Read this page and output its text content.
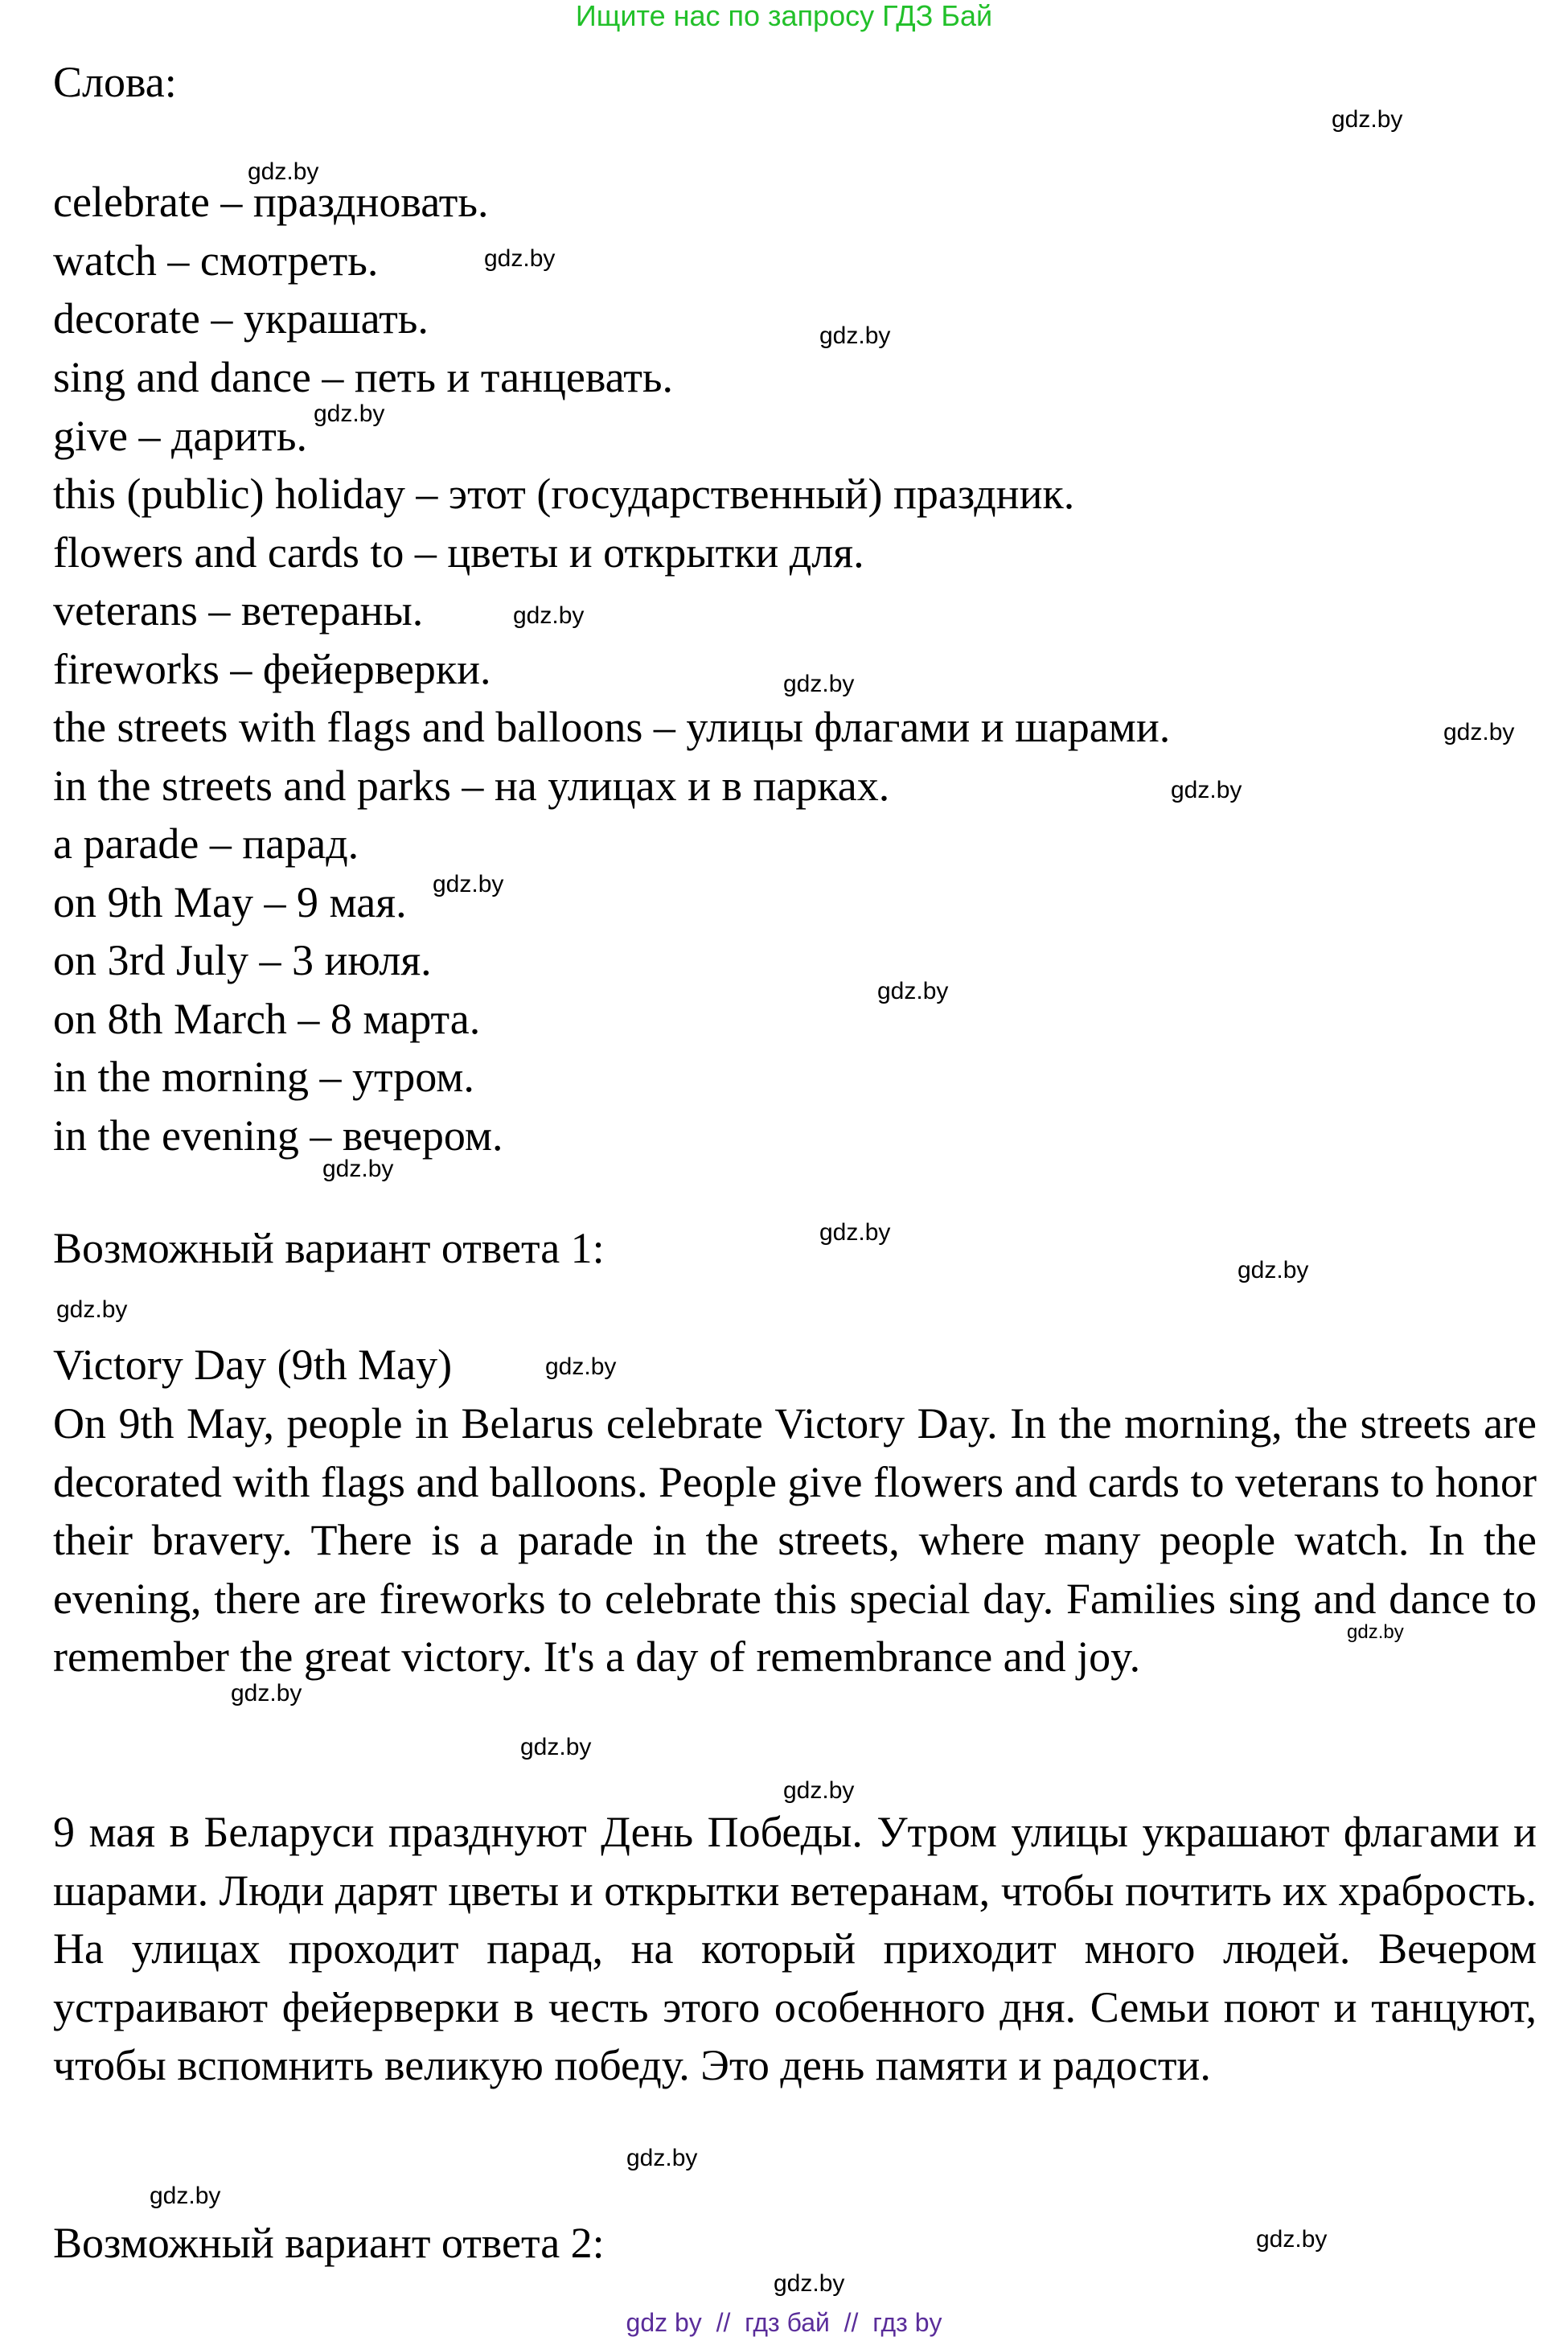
Ищите нас по запросу ГДЗ Бай
Слова:
celebrate – праздновать.
watch – смотреть.
decorate – украшать.
sing and dance – петь и танцевать.
give – дарить.
this (public) holiday – этот (государственный) праздник.
flowers and cards to – цветы и открытки для.
veterans – ветераны.
fireworks – фейерверки.
the streets with flags and balloons – улицы флагами и шарами.
in the streets and parks – на улицах и в парках.
a parade – парад.
on 9th May – 9 мая.
on 3rd July – 3 июля.
on 8th March – 8 марта.
in the morning – утром.
in the evening – вечером.
Возможный вариант ответа 1:
Victory Day (9th May)
On 9th May, people in Belarus celebrate Victory Day. In the morning, the streets are decorated with flags and balloons. People give flowers and cards to veterans to honor their bravery. There is a parade in the streets, where many people watch. In the evening, there are fireworks to celebrate this special day. Families sing and dance to remember the great victory. It's a day of remembrance and joy.
9 мая в Беларуси празднуют День Победы. Утром улицы украшают флагами и шарами. Люди дарят цветы и открытки ветеранам, чтобы почтить их храбрость. На улицах проходит парад, на который приходит много людей. Вечером устраивают фейерверки в честь этого особенного дня. Семьи поют и танцуют, чтобы вспомнить великую победу. Это день памяти и радости.
Возможный вариант ответа 2:
gdz.by
gdz.by
gdz.by
gdz.by
gdz.by
gdz.by
gdz.by
gdz.by
gdz.by
gdz.by
gdz.by
gdz.by
gdz.by
gdz.by
gdz.by
gdz.by
gdz.by
gdz.by
gdz.by
gdz.by
gdz.by
gdz.by
gdz.by
gdz.by
gdz by  //  гдз бай  //  гдз by
